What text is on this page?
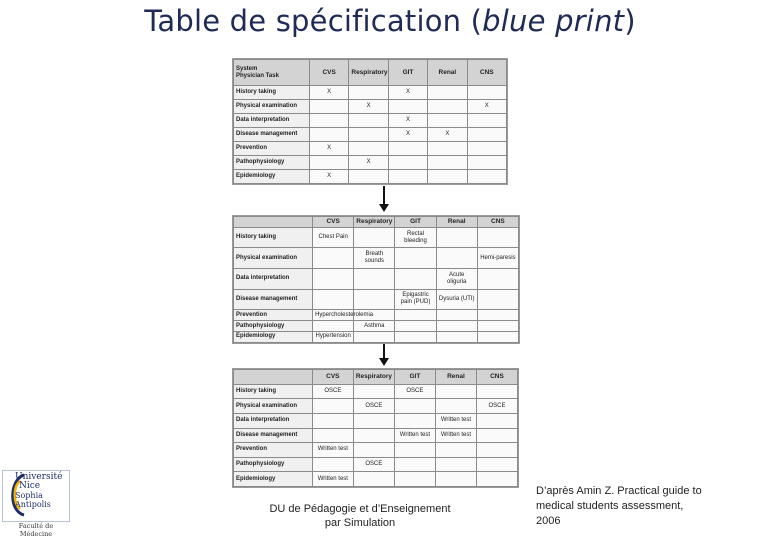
Table de spécification (blue print)
System
Physician Task	CVS	Respiratory	GIT	Renal	CNS
History taking	X		X		
Physical examination		X			X
Data interpretation			X		
Disease management			X	X	
Prevention	X				
Pathophysiology		X			
Epidemiology	X				
	CVS	Respiratory	GIT	Renal	CNS
History taking	Chest Pain		Rectal bleeding		
Physical examination		Breath sounds			Hemi-paresis
Data interpretation				Acute oliguria	
Disease management			Epigastric pain (PUD)	Dysuria (UTI)	
Prevention	Hypercholesterolemia				
Pathophysiology		Asthma			
Epidemiology	Hypertension				
	CVS	Respiratory	GIT	Renal	CNS
History taking	OSCE		OSCE		
Physical examination		OSCE			OSCE
Data interpretation				Written test	
Disease management			Written test	Written test	
Prevention	Written test				
Pathophysiology		OSCE			
Epidemiology	Written test				
Université
Nice
Sophia Antipolis
Faculté de Médecine
DU de Pédagogie et d’Enseignement
par Simulation
D’après Amin Z. Practical guide to
medical students assessment,
2006
